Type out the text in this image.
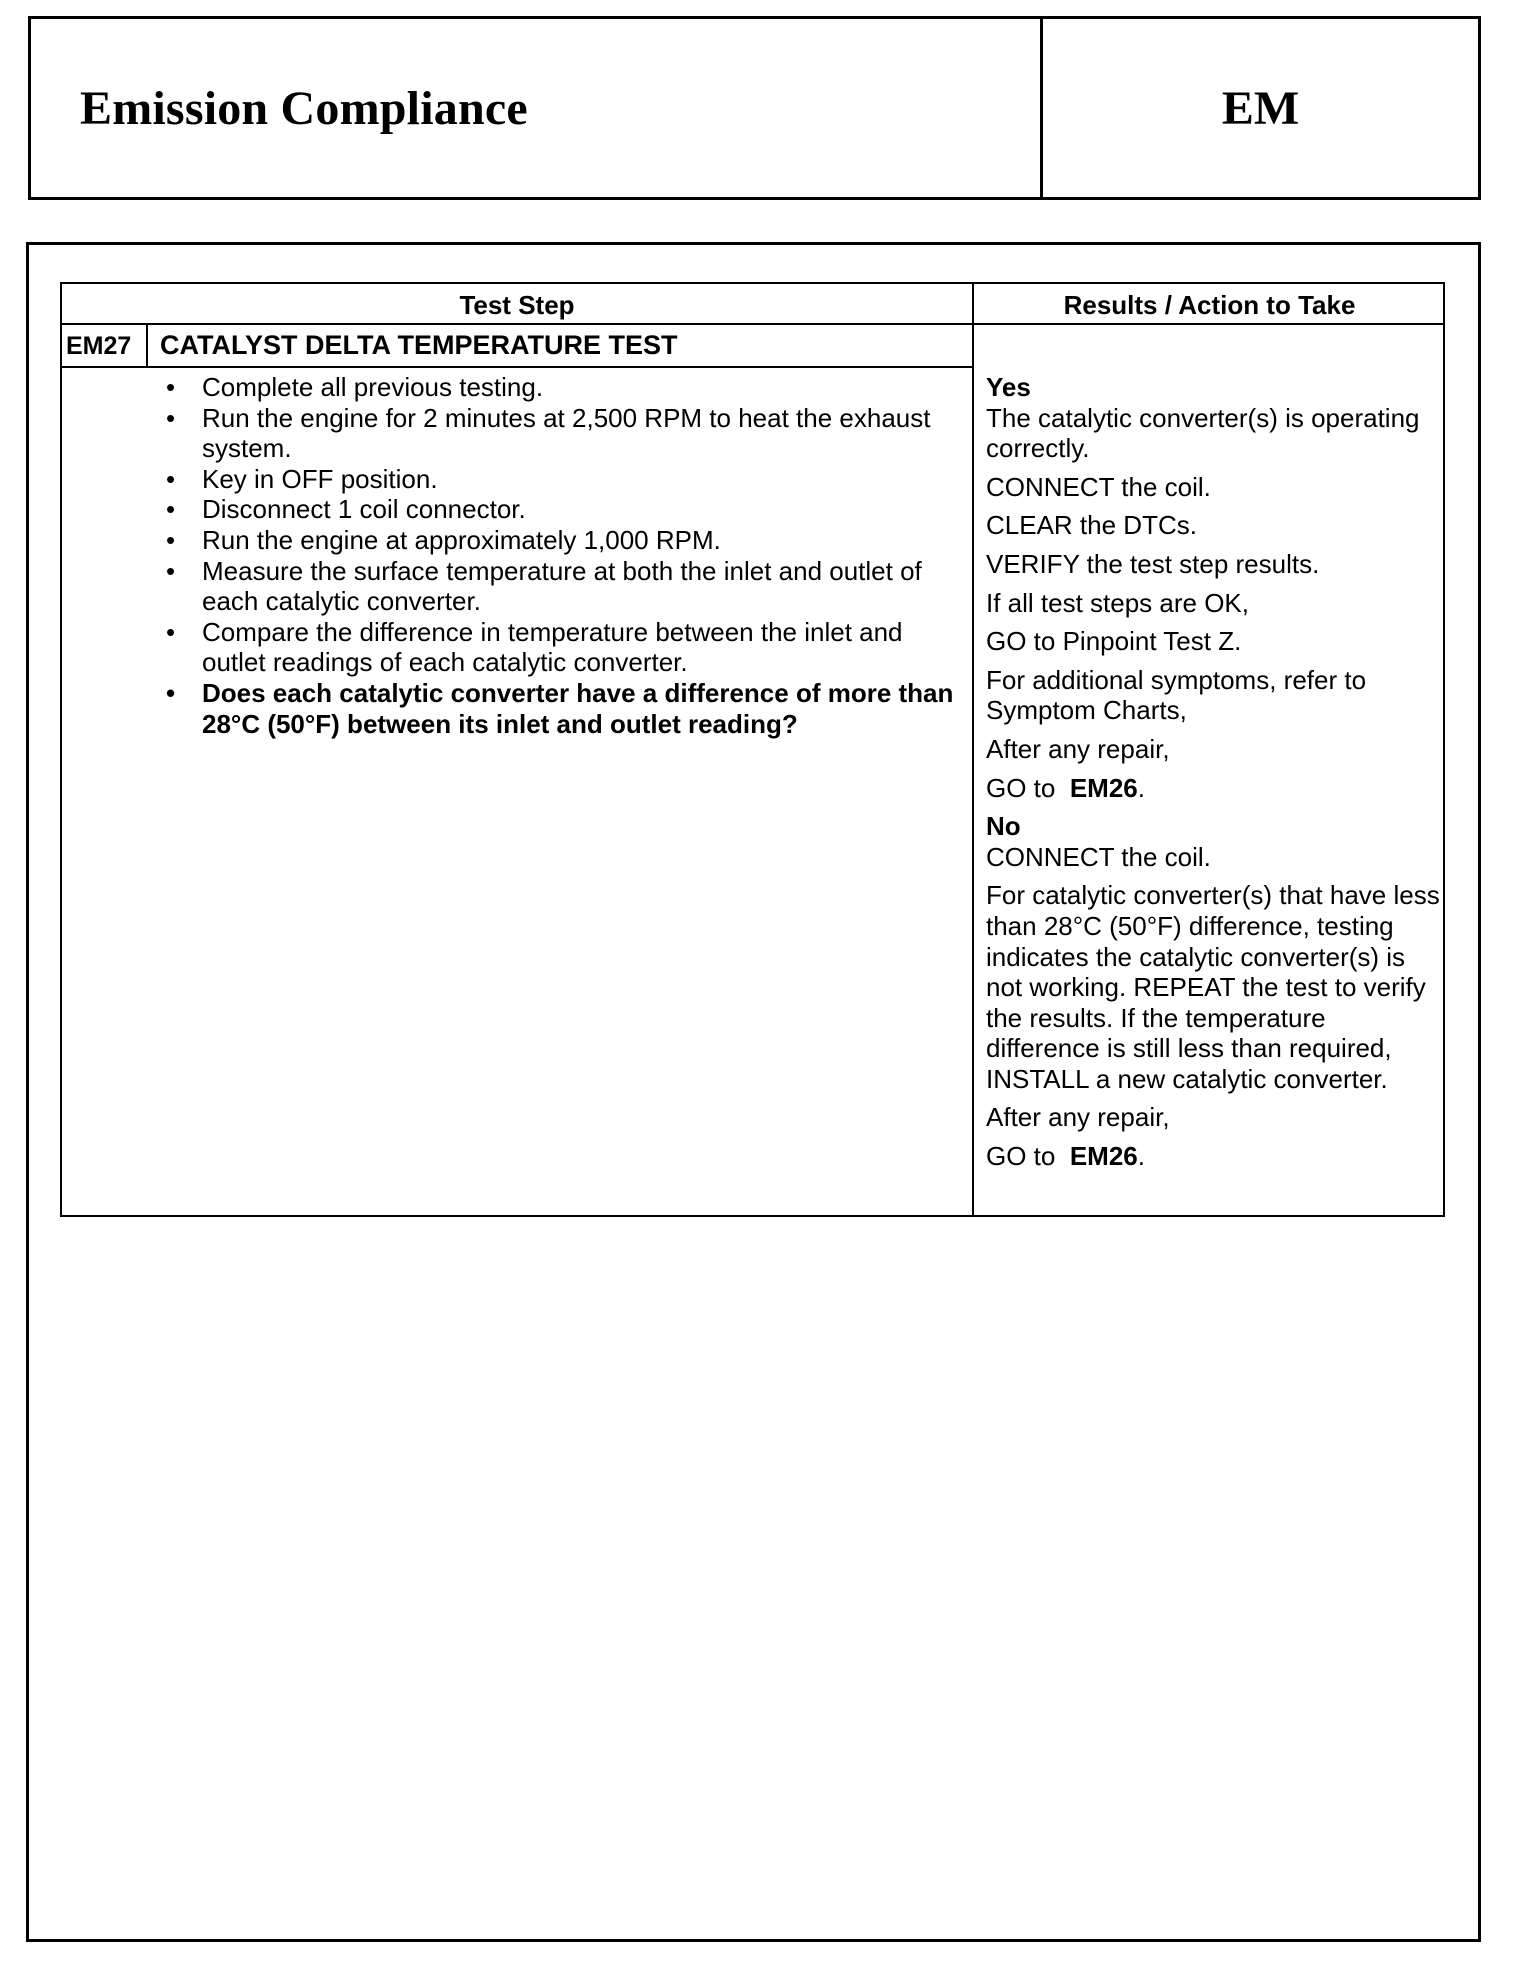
Emission Compliance	EM
Test Step	Results / Action to Take
EM27 CATALYST DELTA TEMPERATURE TEST
• Complete all previous testing.
• Run the engine for 2 minutes at 2,500 RPM to heat the exhaust system.
• Key in OFF position.
• Disconnect 1 coil connector.
• Run the engine at approximately 1,000 RPM.
• Measure the surface temperature at both the inlet and outlet of each catalytic converter.
• Compare the difference in temperature between the inlet and outlet readings of each catalytic converter.
• Does each catalytic converter have a difference of more than 28°C (50°F) between its inlet and outlet reading?
Yes
The catalytic converter(s) is operating correctly.
CONNECT the coil.
CLEAR the DTCs.
VERIFY the test step results.
If all test steps are OK,
GO to Pinpoint Test Z.
For additional symptoms, refer to Symptom Charts,
After any repair,
GO to EM26.
No
CONNECT the coil.
For catalytic converter(s) that have less than 28°C (50°F) difference, testing indicates the catalytic converter(s) is not working. REPEAT the test to verify the results. If the temperature difference is still less than required, INSTALL a new catalytic converter.
After any repair,
GO to EM26.
